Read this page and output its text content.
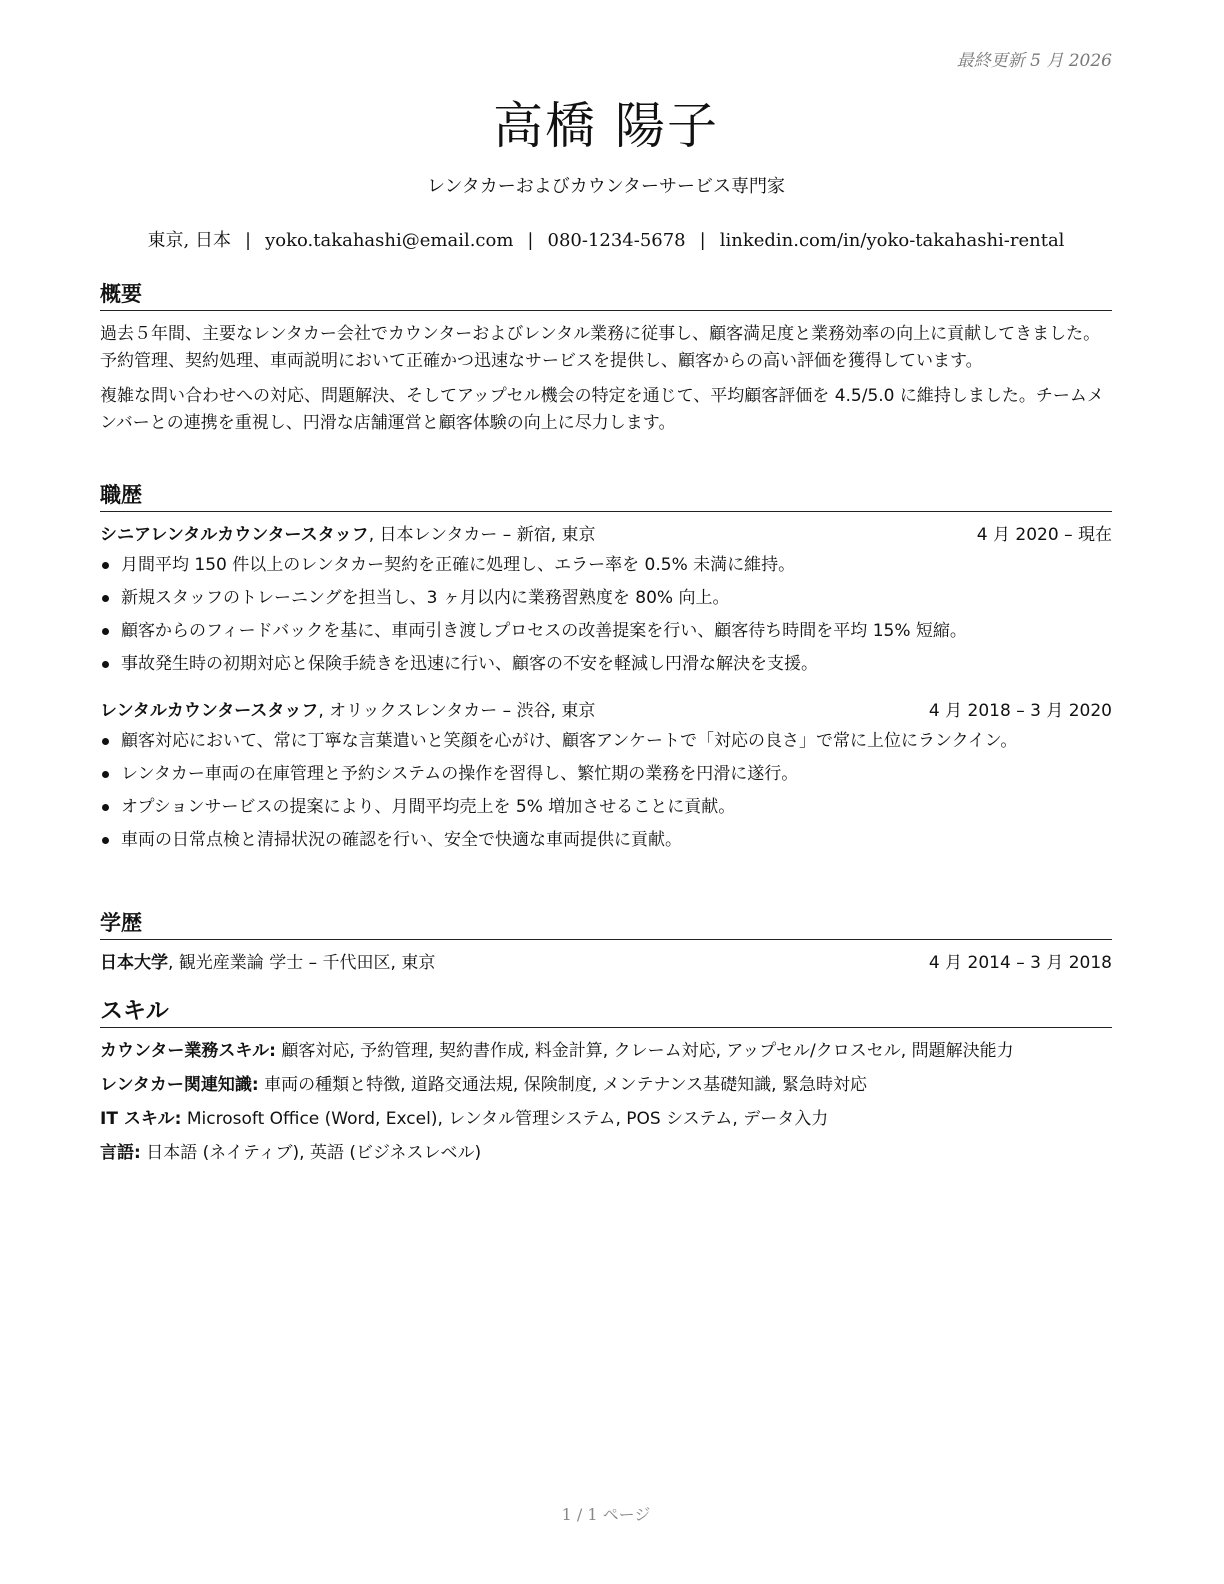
最終更新 5 月 2026
高橋 陽子
レンタカーおよびカウンターサービス専門家
東京, 日本 | yoko.takahashi@email.com | 080-1234-5678 | linkedin.com/in/yoko-takahashi-rental
概要

過去５年間、主要なレンタカー会社でカウンターおよびレンタル業務に従事し、顧客満足度と業務効率の向上に貢献してきました。予約管理、契約処理、車両説明において正確かつ迅速なサービスを提供し、顧客からの高い評価を獲得しています。

複雑な問い合わせへの対応、問題解決、そしてアップセル機会の特定を通じて、平均顧客評価を 4.5/5.0 に維持しました。チームメンバーとの連携を重視し、円滑な店舗運営と顧客体験の向上に尽力します。

職歴
シニアレンタルカウンタースタッフ, 日本レンタカー – 新宿, 東京	4 月 2020 – 現在
月間平均 150 件以上のレンタカー契約を正確に処理し、エラー率を 0.5% 未満に維持。
新規スタッフのトレーニングを担当し、3 ヶ月以内に業務習熟度を 80% 向上。
顧客からのフィードバックを基に、車両引き渡しプロセスの改善提案を行い、顧客待ち時間を平均 15% 短縮。
事故発生時の初期対応と保険手続きを迅速に行い、顧客の不安を軽減し円滑な解決を支援。
レンタルカウンタースタッフ, オリックスレンタカー – 渋谷, 東京	4 月 2018 – 3 月 2020
顧客対応において、常に丁寧な言葉遣いと笑顔を心がけ、顧客アンケートで「対応の良さ」で常に上位にランクイン。
レンタカー車両の在庫管理と予約システムの操作を習得し、繁忙期の業務を円滑に遂行。
オプションサービスの提案により、月間平均売上を 5% 増加させることに貢献。
車両の日常点検と清掃状況の確認を行い、安全で快適な車両提供に貢献。
学歴
日本大学, 観光産業論 学士 – 千代田区, 東京	4 月 2014 – 3 月 2018
スキル
カウンター業務スキル: 顧客対応, 予約管理, 契約書作成, 料金計算, クレーム対応, アップセル/クロスセル, 問題解決能力
レンタカー関連知識: 車両の種類と特徴, 道路交通法規, 保険制度, メンテナンス基礎知識, 緊急時対応
IT スキル: Microsoft Office (Word, Excel), レンタル管理システム, POS システム, データ入力
言語: 日本語 (ネイティブ), 英語 (ビジネスレベル)
1 / 1 ページ
